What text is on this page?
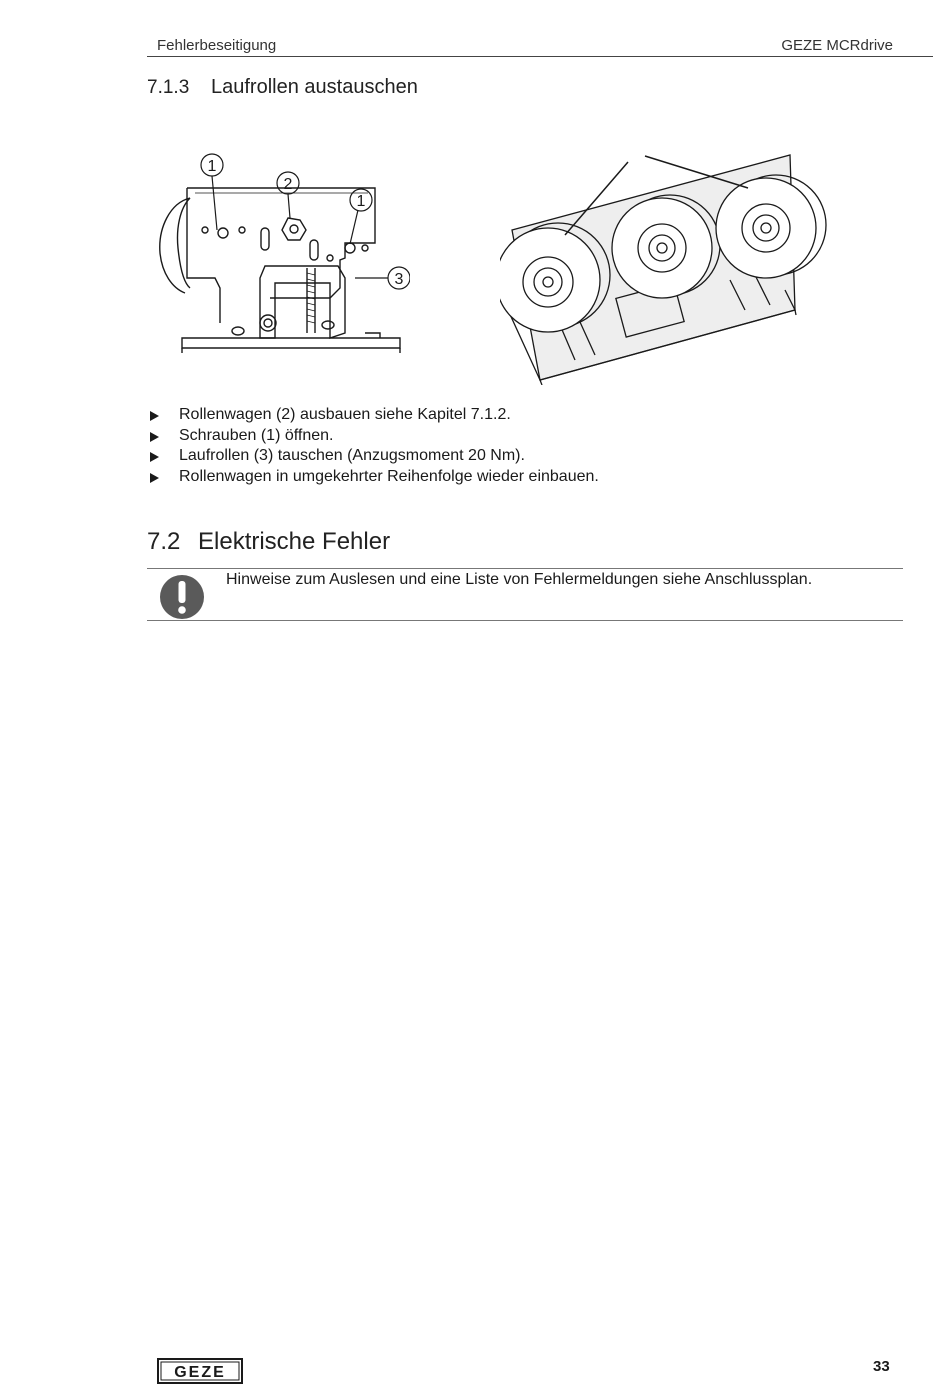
Fehlerbeseitigung	GEZE MCRdrive
7.1.3 Laufrollen austauschen
1
2
1
3
Rollenwagen (2) ausbauen siehe Kapitel 7.1.2.
Schrauben (1) öffnen.
Laufrollen (3) tauschen (Anzugsmoment 20 Nm).
Rollenwagen in umgekehrter Reihenfolge wieder einbauen.
7.2 Elektrische Fehler
Hinweise zum Auslesen und eine Liste von Fehlermeldungen siehe Anschlussplan.
GEZE	33
